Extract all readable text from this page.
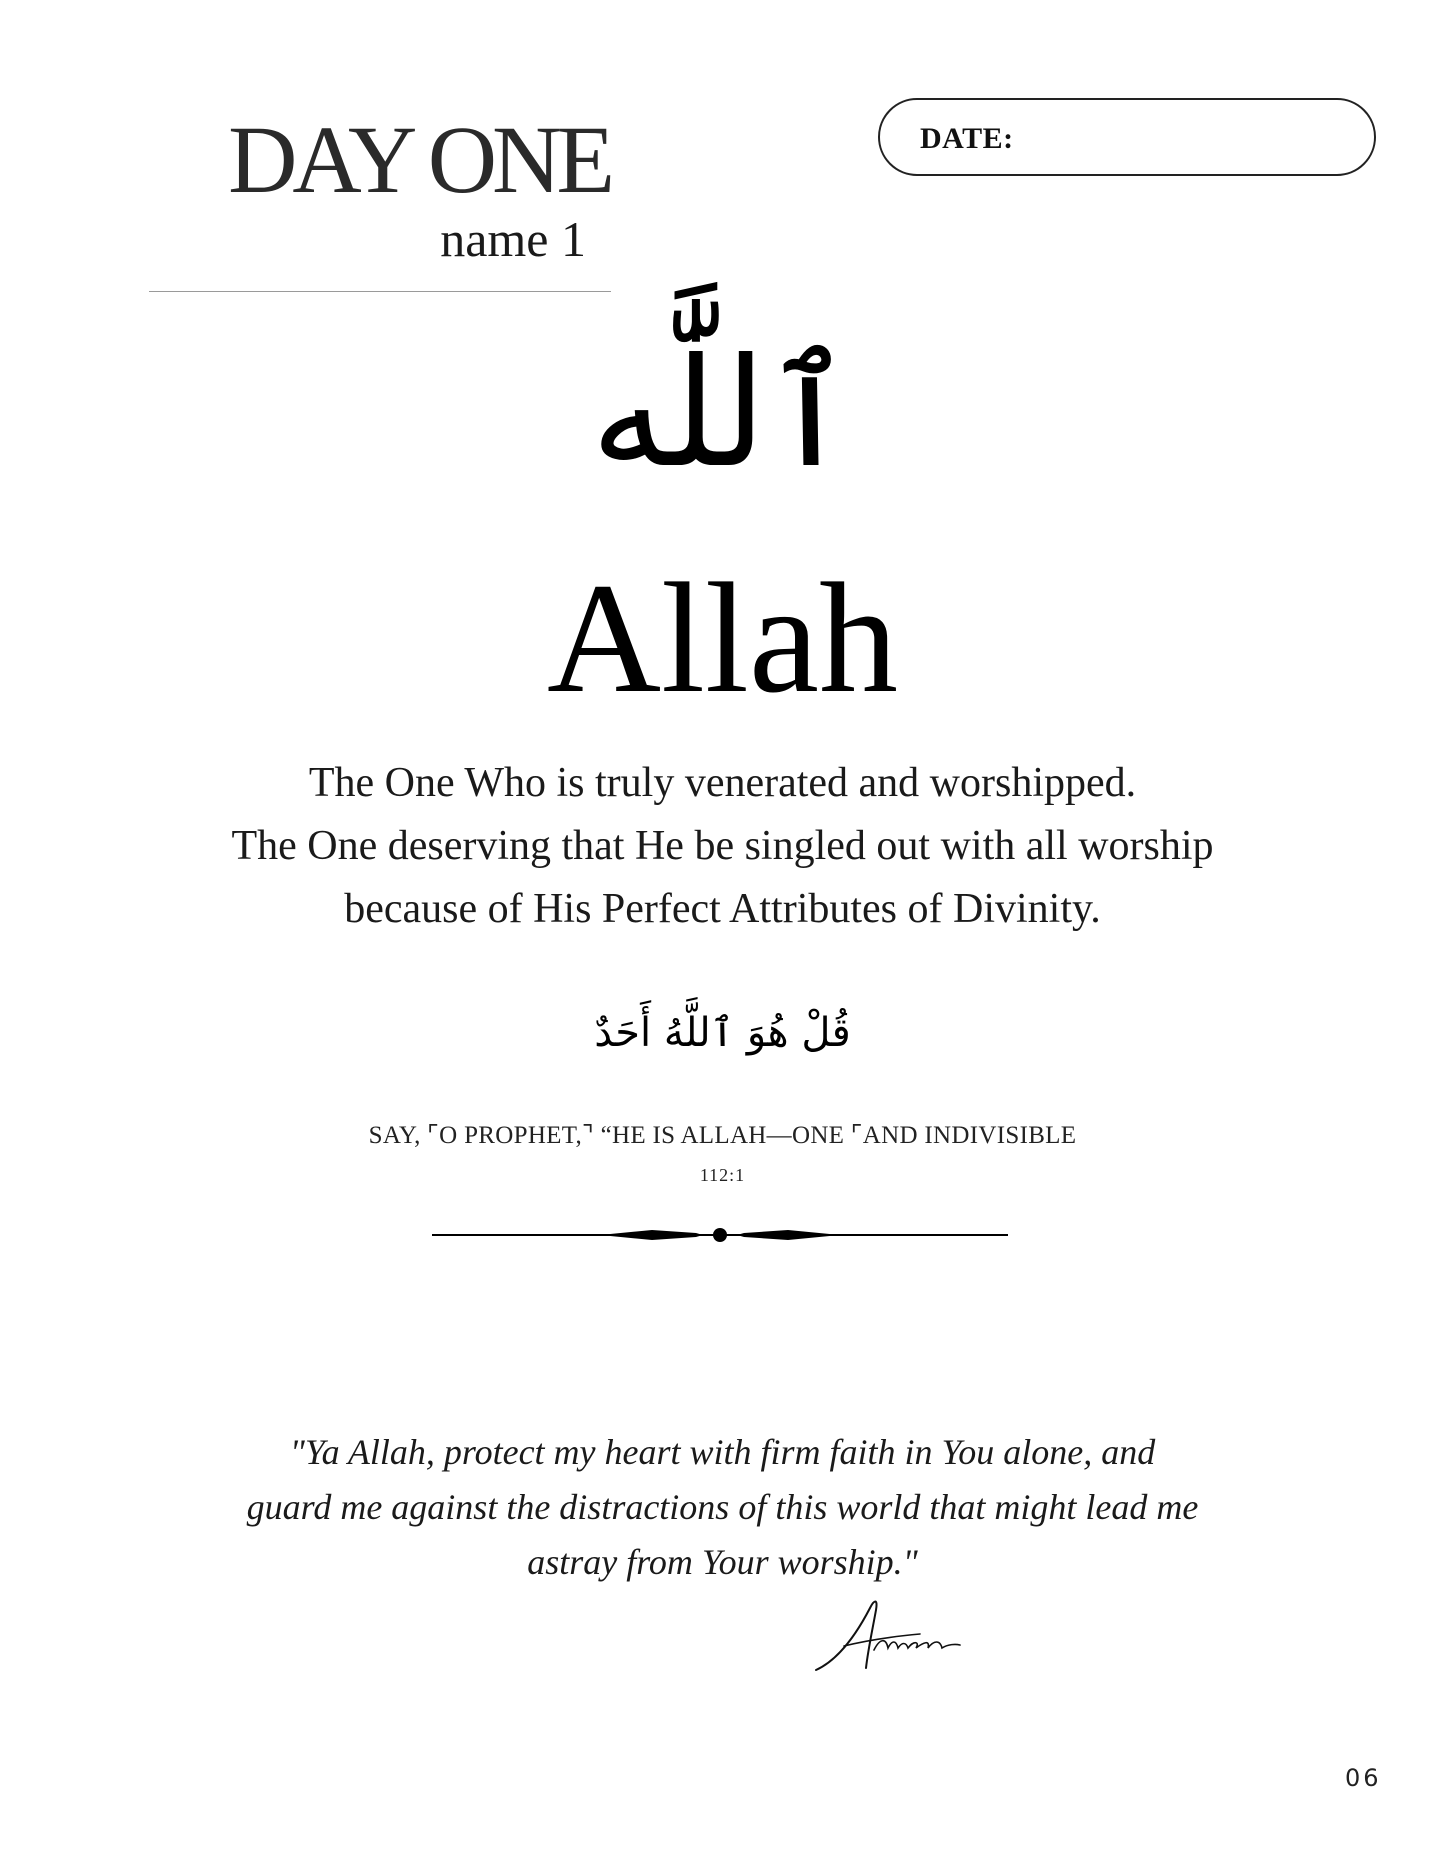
DAY ONE
name 1
DATE:
ٱللَّٰه
Allah
The One Who is truly venerated and worshipped.
The One deserving that He be singled out with all worship
because of His Perfect Attributes of Divinity.
قُلْ هُوَ ٱللَّهُ أَحَدٌ
SAY, ⌜O PROPHET,⌝ “HE IS ALLAH—ONE ⌜AND INDIVISIBLE
112:1
"Ya Allah, protect my heart with firm faith in You alone, and
guard me against the distractions of this world that might lead me
astray from Your worship."
06
